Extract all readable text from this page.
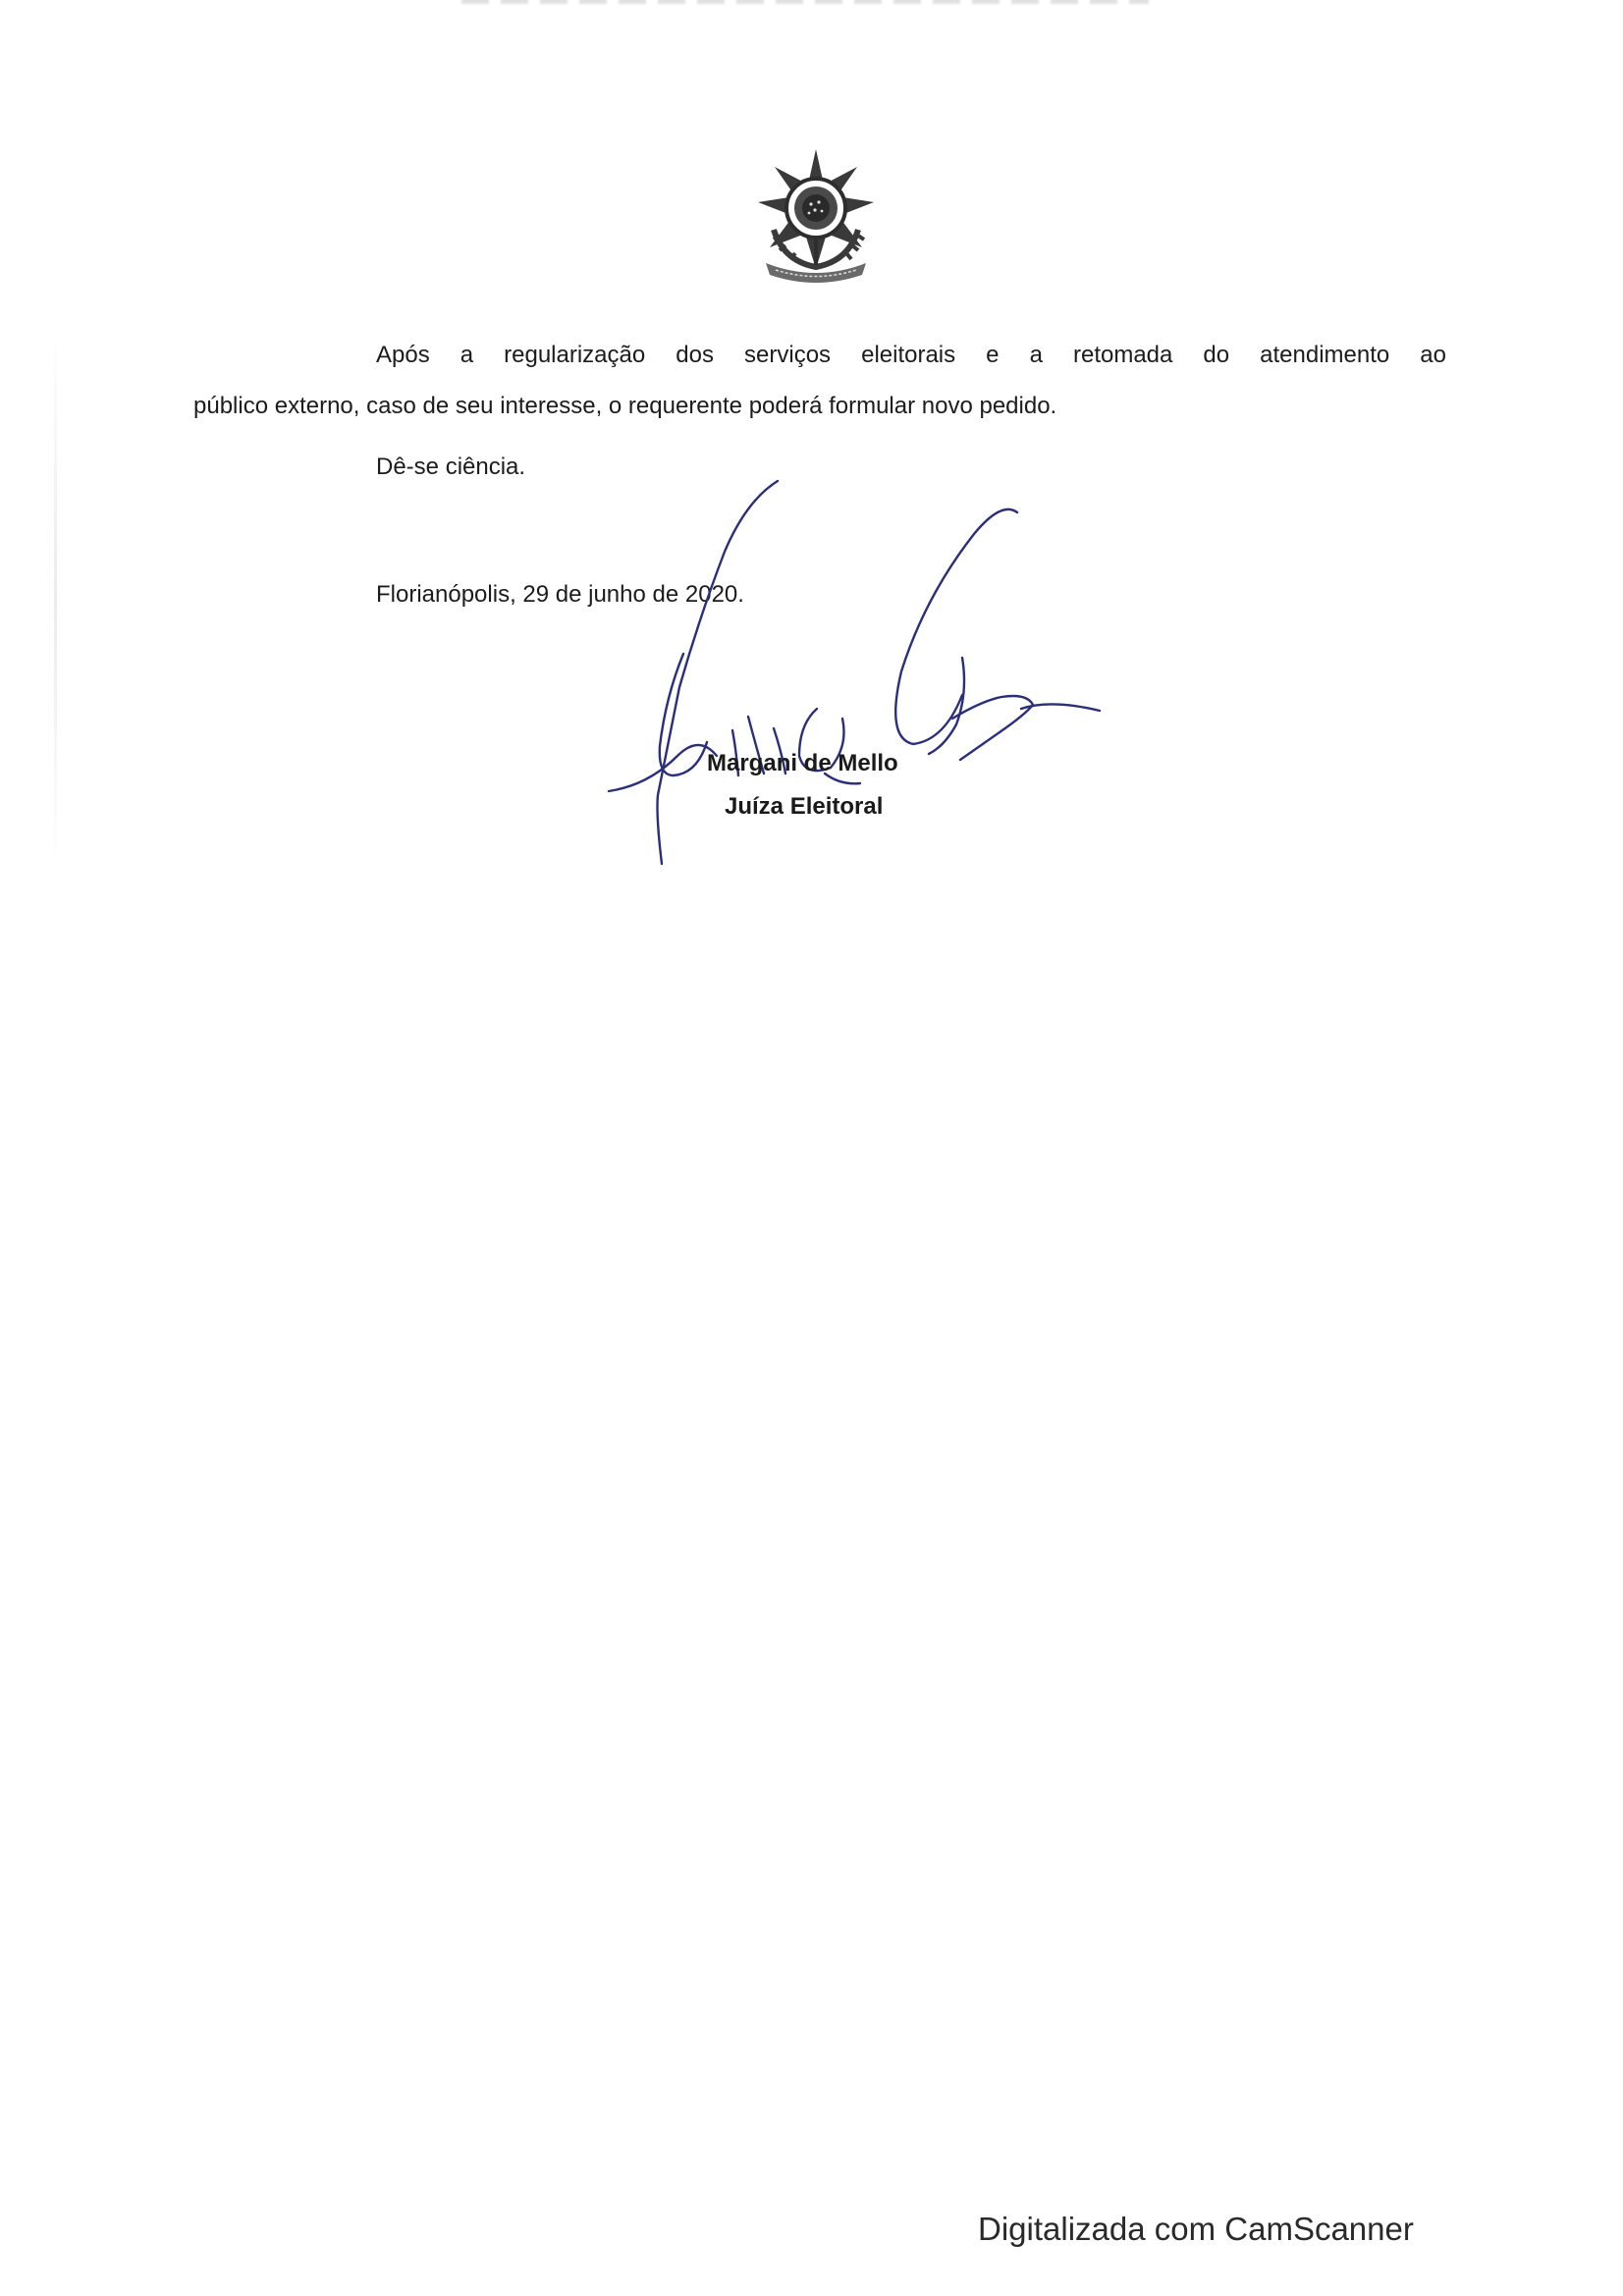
Após a regularização dos serviços eleitorais e a retomada do atendimento ao
público externo, caso de seu interesse, o requerente poderá formular novo pedido.
Dê-se ciência.
Florianópolis, 29 de junho de 2020.
Margani de Mello
Juíza Eleitoral
Digitalizada com CamScanner
